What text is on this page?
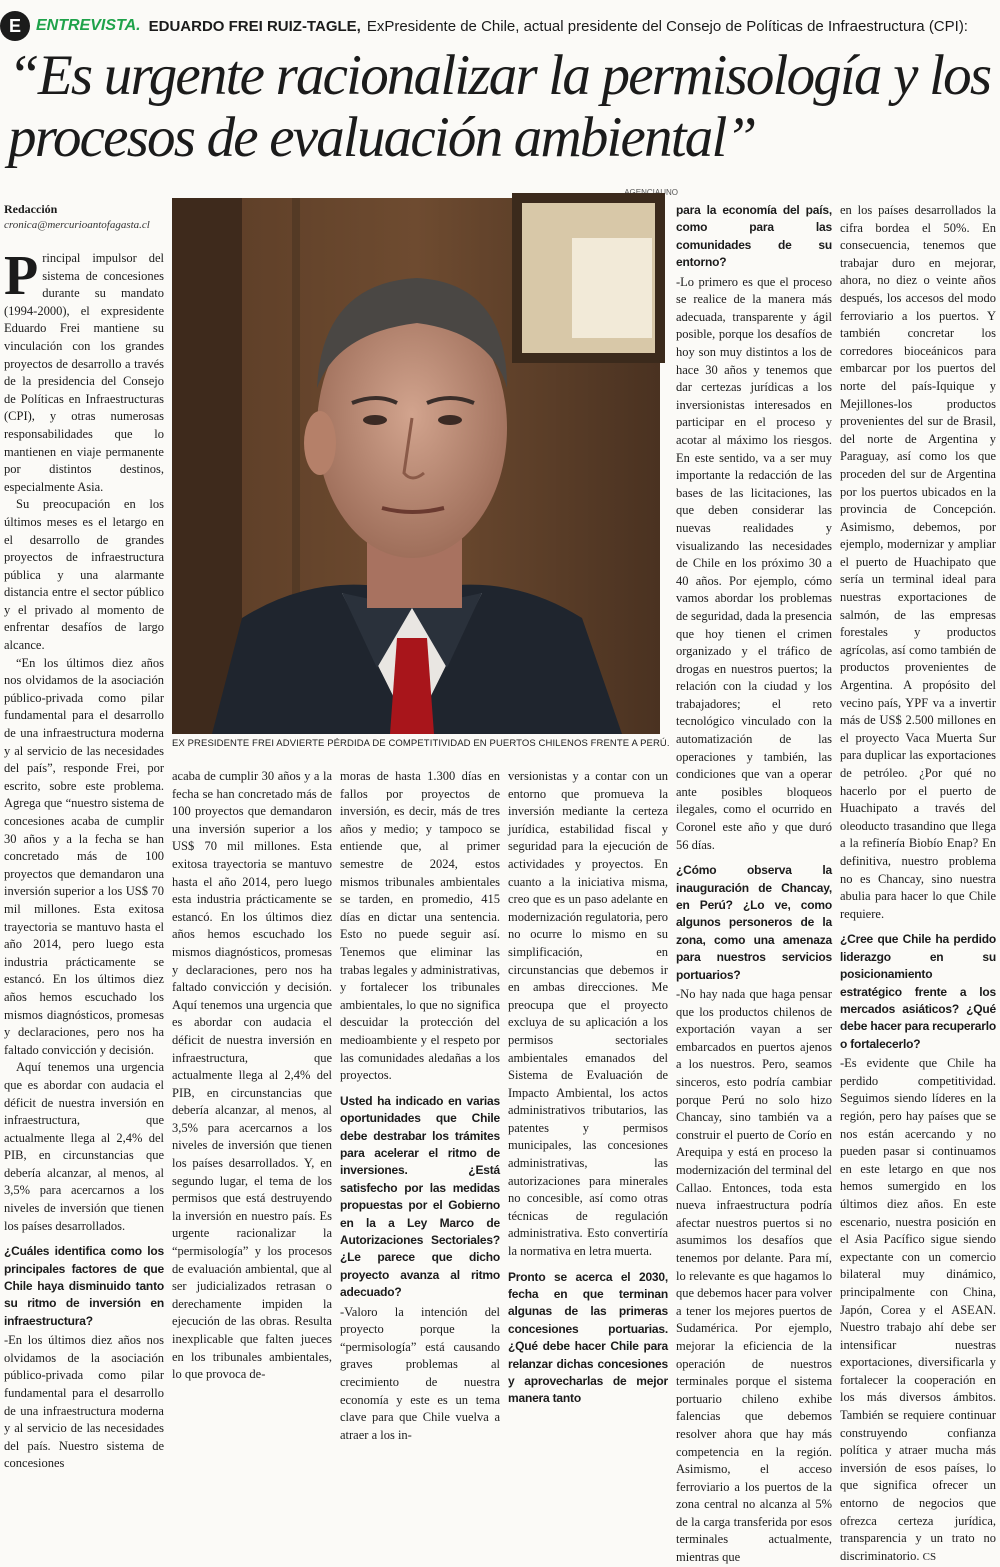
E ENTREVISTA. EDUARDO FREI RUIZ-TAGLE, ExPresidente de Chile, actual presidente del Consejo de Políticas de Infraestructura (CPI):
“Es urgente racionalizar la permisología y los procesos de evaluación ambiental”
AGENCIAUNO
Redacción
cronica@mercurioantofagasta.cl
EX PRESIDENTE FREI ADVIERTE PÉRDIDA DE COMPETITIVIDAD EN PUERTOS CHILENOS FRENTE A PERÚ.

Principal impulsor del sistema de concesiones durante su mandato (1994-2000), el expresidente Eduardo Frei mantiene su vinculación con los grandes proyectos de desarrollo a través de la presidencia del Consejo de Políticas en Infraestructuras (CPI), y otras numerosas responsabilidades que lo mantienen en viaje permanente por distintos destinos, especialmente Asia.

Su preocupación en los últimos meses es el letargo en el desarrollo de grandes proyectos de infraestructura pública y una alarmante distancia entre el sector público y el privado al momento de enfrentar desafíos de largo alcance.

“En los últimos diez años nos olvidamos de la asociación público-privada como pilar fundamental para el desarrollo de una infraestructura moderna y al servicio de las necesidades del país”, responde Frei, por escrito, sobre este problema. Agrega que “nuestro sistema de concesiones acaba de cumplir 30 años y a la fecha se han concretado más de 100 proyectos que demandaron una inversión superior a los US$ 70 mil millones. Esta exitosa trayectoria se mantuvo hasta el año 2014, pero luego esta industria prácticamente se estancó. En los últimos diez años hemos escuchado los mismos diagnósticos, promesas y declaraciones, pero nos ha faltado convicción y decisión.

Aquí tenemos una urgencia que es abordar con audacia el déficit de nuestra inversión en infraestructura, que actualmente llega al 2,4% del PIB, en circunstancias que debería alcanzar, al menos, al 3,5% para acercarnos a los niveles de inversión que tienen los países desarrollados.

¿Cuáles identifica como los principales factores de que Chile haya disminuido tanto su ritmo de inversión en infraestructura?

-En los últimos diez años nos olvidamos de la asociación público-privada como pilar fundamental para el desarrollo de una infraestructura moderna y al servicio de las necesidades del país. Nuestro sistema de concesiones

acaba de cumplir 30 años y a la fecha se han concretado más de 100 proyectos que demandaron una inversión superior a los US$ 70 mil millones. Esta exitosa trayectoria se mantuvo hasta el año 2014, pero luego esta industria prácticamente se estancó. En los últimos diez años hemos escuchado los mismos diagnósticos, promesas y declaraciones, pero nos ha faltado convicción y decisión. Aquí tenemos una urgencia que es abordar con audacia el déficit de nuestra inversión en infraestructura, que actualmente llega al 2,4% del PIB, en circunstancias que debería alcanzar, al menos, al 3,5% para acercarnos a los niveles de inversión que tienen los países desarrollados. Y, en segundo lugar, el tema de los permisos que está destruyendo la inversión en nuestro país. Es urgente racionalizar la “permisología” y los procesos de evaluación ambiental, que al ser judicializados retrasan o derechamente impiden la ejecución de las obras. Resulta inexplicable que falten jueces en los tribunales ambientales, lo que provoca de-

moras de hasta 1.300 días en fallos por proyectos de inversión, es decir, más de tres años y medio; y tampoco se entiende que, al primer semestre de 2024, estos mismos tribunales ambientales se tarden, en promedio, 415 días en dictar una sentencia. Esto no puede seguir así. Tenemos que eliminar las trabas legales y administrativas, y fortalecer los tribunales ambientales, lo que no significa descuidar la protección del medioambiente y el respeto por las comunidades aledañas a los proyectos.

Usted ha indicado en varias oportunidades que Chile debe destrabar los trámites para acelerar el ritmo de inversiones. ¿Está satisfecho por las medidas propuestas por el Gobierno en la a Ley Marco de Autorizaciones Sectoriales? ¿Le parece que dicho proyecto avanza al ritmo adecuado?

-Valoro la intención del proyecto porque la “permisología” está causando graves problemas al crecimiento de nuestra economía y este es un tema clave para que Chile vuelva a atraer a los in-

versionistas y a contar con un entorno que promueva la inversión mediante la certeza jurídica, estabilidad fiscal y seguridad para la ejecución de actividades y proyectos. En cuanto a la iniciativa misma, creo que es un paso adelante en modernización regulatoria, pero no ocurre lo mismo en su simplificación, en circunstancias que debemos ir en ambas direcciones. Me preocupa que el proyecto excluya de su aplicación a los permisos sectoriales ambientales emanados del Sistema de Evaluación de Impacto Ambiental, los actos administrativos tributarios, las patentes y permisos municipales, las concesiones administrativas, las autorizaciones para minerales no concesible, así como otras técnicas de regulación administrativa. Esto convertiría la normativa en letra muerta.

Pronto se acerca el 2030, fecha en que terminan algunas de las primeras concesiones portuarias. ¿Qué debe hacer Chile para relanzar dichas concesiones y aprovecharlas de mejor manera tanto

para la economía del país, como para las comunidades de su entorno?

-Lo primero es que el proceso se realice de la manera más adecuada, transparente y ágil posible, porque los desafíos de hoy son muy distintos a los de hace 30 años y tenemos que dar certezas jurídicas a los inversionistas interesados en participar en el proceso y acotar al máximo los riesgos. En este sentido, va a ser muy importante la redacción de las bases de las licitaciones, las que deben considerar las nuevas realidades y visualizando las necesidades de Chile en los próximo 30 a 40 años. Por ejemplo, cómo vamos abordar los problemas de seguridad, dada la presencia que hoy tienen el crimen organizado y el tráfico de drogas en nuestros puertos; la relación con la ciudad y los trabajadores; el reto tecnológico vinculado con la automatización de las operaciones y también, las condiciones que van a operar ante posibles bloqueos ilegales, como el ocurrido en Coronel este año y que duró 56 días.

¿Cómo observa la inauguración de Chancay, en Perú? ¿Lo ve, como algunos personeros de la zona, como una amenaza para nuestros servicios portuarios?

-No hay nada que haga pensar que los productos chilenos de exportación vayan a ser embarcados en puertos ajenos a los nuestros. Pero, seamos sinceros, esto podría cambiar porque Perú no solo hizo Chancay, sino también va a construir el puerto de Corío en Arequipa y está en proceso la modernización del terminal del Callao. Entonces, toda esta nueva infraestructura podría afectar nuestros puertos si no asumimos los desafíos que tenemos por delante. Para mí, lo relevante es que hagamos lo que debemos hacer para volver a tener los mejores puertos de Sudamérica. Por ejemplo, mejorar la eficiencia de la operación de nuestros terminales porque el sistema portuario chileno exhibe falencias que debemos resolver ahora que hay más competencia en la región. Asimismo, el acceso ferroviario a los puertos de la zona central no alcanza al 5% de la carga transferida por esos terminales actualmente, mientras que

en los países desarrollados la cifra bordea el 50%. En consecuencia, tenemos que trabajar duro en mejorar, ahora, no diez o veinte años después, los accesos del modo ferroviario a los puertos. Y también concretar los corredores bioceánicos para embarcar por los puertos del norte del país-Iquique y Mejillones-los productos provenientes del sur de Brasil, del norte de Argentina y Paraguay, así como los que proceden del sur de Argentina por los puertos ubicados en la provincia de Concepción. Asimismo, debemos, por ejemplo, modernizar y ampliar el puerto de Huachipato que sería un terminal ideal para nuestras exportaciones de salmón, de las empresas forestales y productos agrícolas, así como también de productos provenientes de Argentina. A propósito del vecino país, YPF va a invertir más de US$ 2.500 millones en el proyecto Vaca Muerta Sur para duplicar las exportaciones de petróleo. ¿Por qué no hacerlo por el puerto de Huachipato a través del oleoducto trasandino que llega a la refinería Biobío Enap? En definitiva, nuestro problema no es Chancay, sino nuestra abulia para hacer lo que Chile requiere.

¿Cree que Chile ha perdido liderazgo en su posicionamiento estratégico frente a los mercados asiáticos? ¿Qué debe hacer para recuperarlo o fortalecerlo?

-Es evidente que Chile ha perdido competitividad. Seguimos siendo líderes en la región, pero hay países que se nos están acercando y no pueden pasar si continuamos en este letargo en que nos hemos sumergido en los últimos diez años. En este escenario, nuestra posición en el Asia Pacífico sigue siendo expectante con un comercio bilateral muy dinámico, principalmente con China, Japón, Corea y el ASEAN. Nuestro trabajo ahí debe ser intensificar nuestras exportaciones, diversificarla y fortalecer la cooperación en los más diversos ámbitos. También se requiere continuar construyendo confianza política y atraer mucha más inversión de esos países, lo que significa ofrecer un entorno de negocios que ofrezca certeza jurídica, transparencia y un trato no discriminatorio. CS
